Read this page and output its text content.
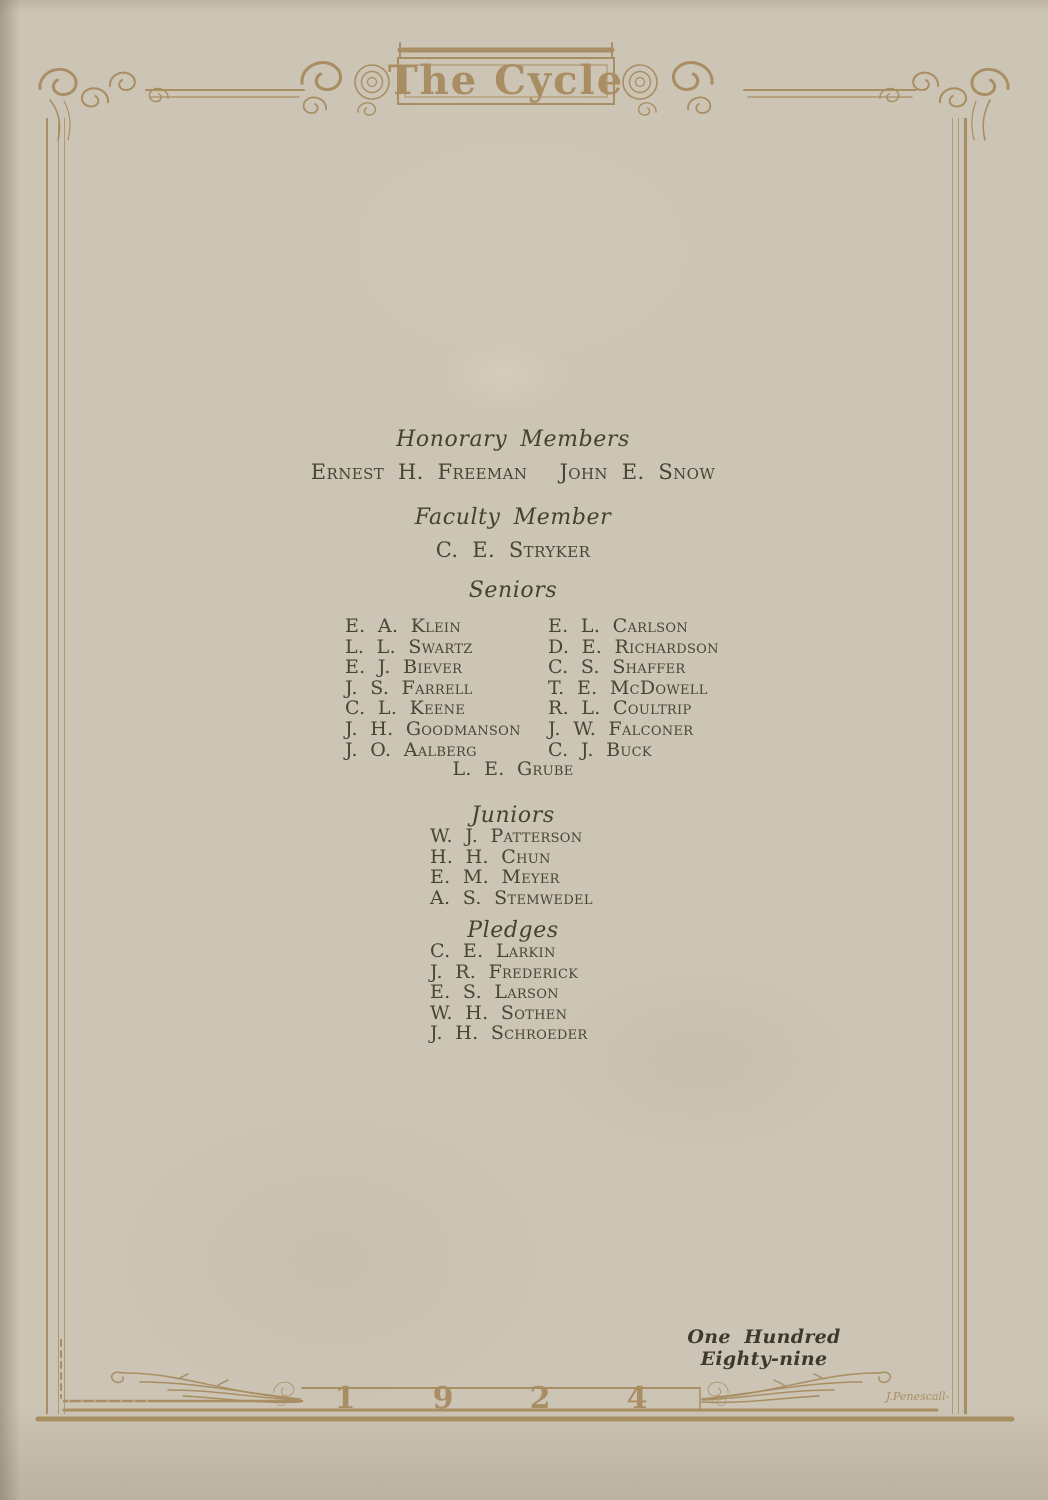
The Cycle
Honorary Members
Ernest H. Freeman John E. Snow
Faculty Member
C. E. Stryker
Seniors
E. A. Klein
L. L. Swartz
E. J. Biever
J. S. Farrell
C. L. Keene
J. H. Goodmanson
J. O. Aalberg
E. L. Carlson
D. E. Richardson
C. S. Shaffer
T. E. McDowell
R. L. Coultrip
J. W. Falconer
C. J. Buck
L. E. Grube
Juniors
W. J. Patterson
H. H. Chun
E. M. Meyer
A. S. Stemwedel
Pledges
C. E. Larkin
J. R. Frederick
E. S. Larson
W. H. Sothen
J. H. Schroeder
One Hundred Eighty-nine
1	9	2	4	J.Penescall-
